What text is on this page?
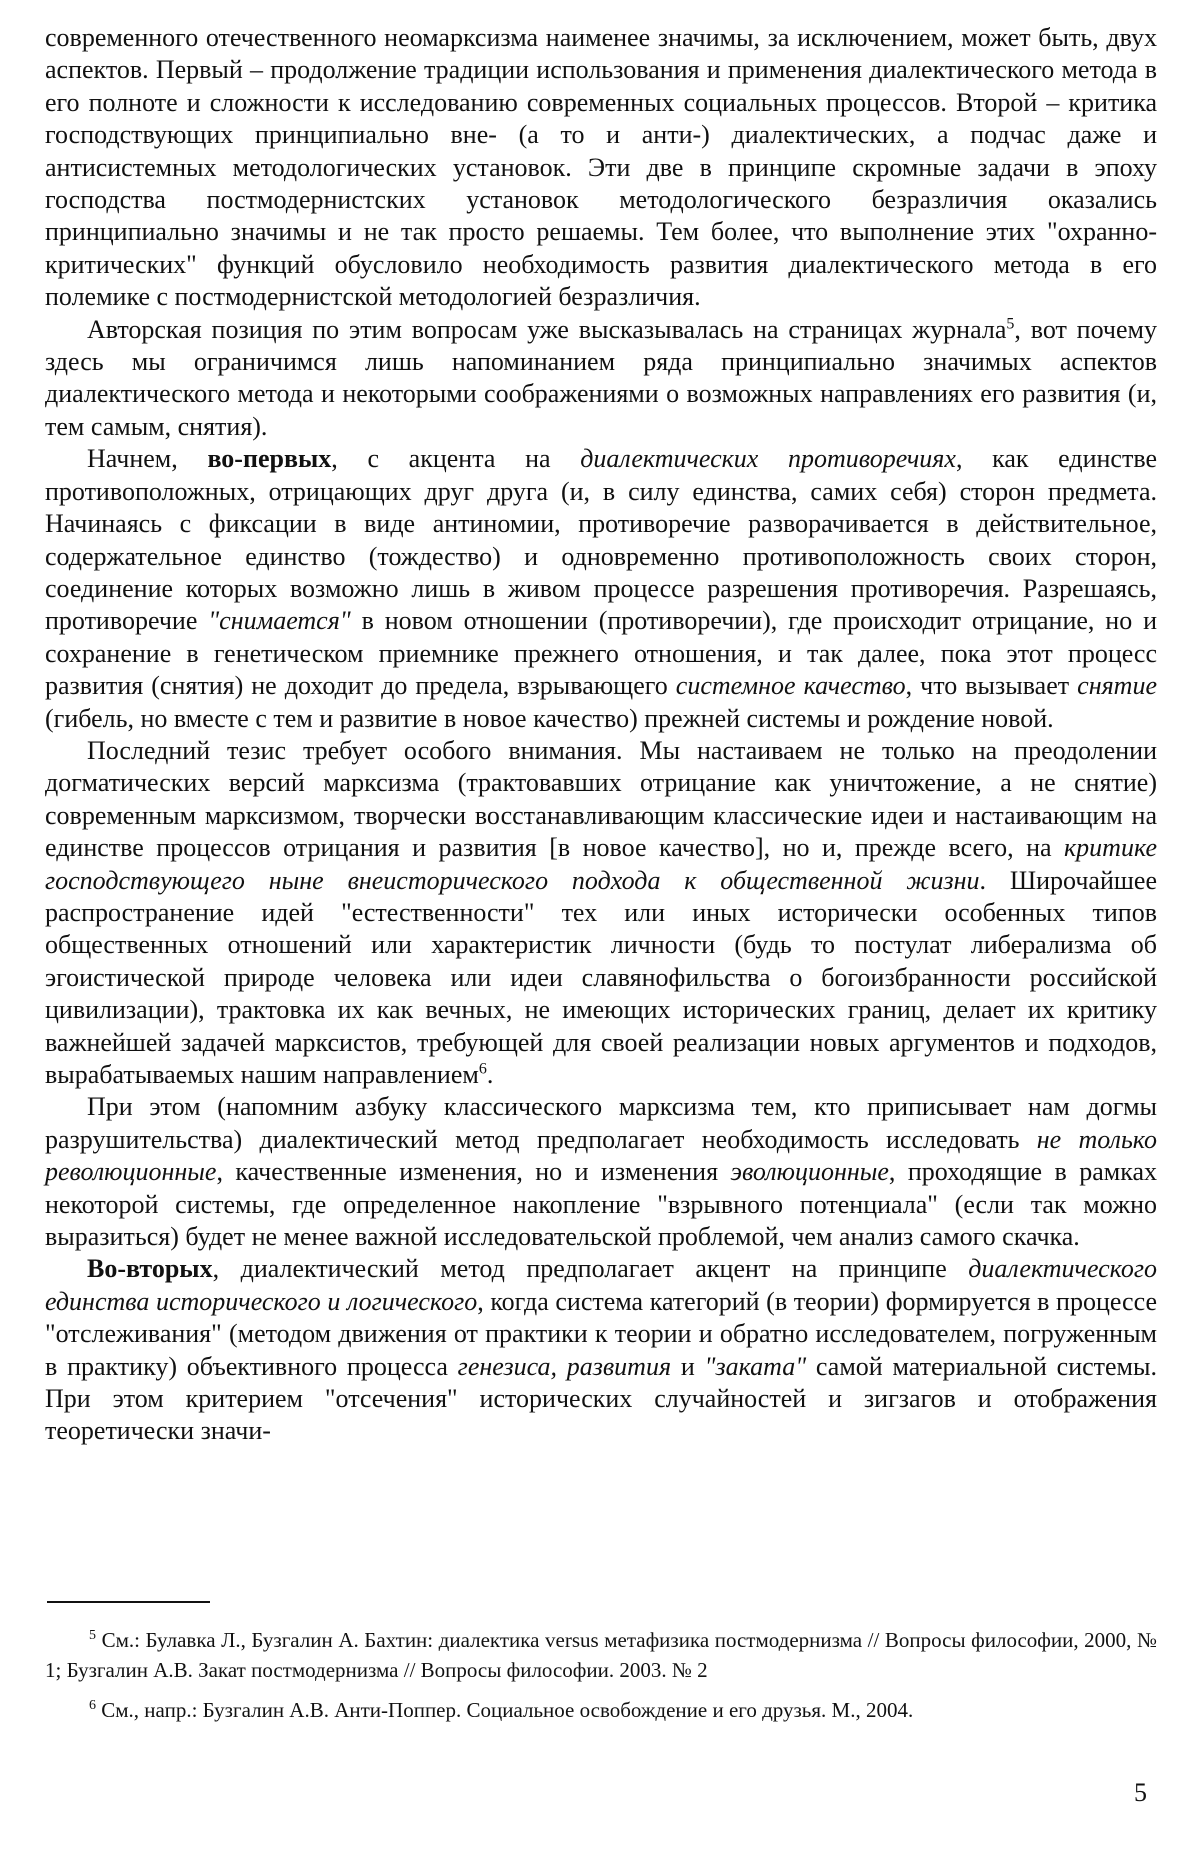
современного отечественного неомарксизма наименее значимы, за исключением, может быть, двух аспектов. Первый – продолжение традиции использования и применения диалектического метода в его полноте и сложности к исследованию современных социальных процессов. Второй – критика господствующих принципиально вне- (а то и анти-) диалектических, а подчас даже и антисистемных методологических установок. Эти две в принципе скромные задачи в эпоху господства постмодернистских установок методологического безразличия оказались принципиально значимы и не так просто решаемы. Тем более, что выполнение этих "охранно-критических" функций обусловило необходимость развития диалектического метода в его полемике с постмодернистской методологией безразличия.

Авторская позиция по этим вопросам уже высказывалась на страницах журнала$^5$, вот почему здесь мы ограничимся лишь напоминанием ряда принципиально значимых аспектов диалектического метода и некоторыми соображениями о возможных направлениях его развития (и, тем самым, снятия).

Начнем, во-первых, с акцента на диалектических противоречиях, как единстве противоположных, отрицающих друг друга (и, в силу единства, самих себя) сторон предмета. Начинаясь с фиксации в виде антиномии, противоречие разворачивается в действительное, содержательное единство (тождество) и одновременно противоположность своих сторон, соединение которых возможно лишь в живом процессе разрешения противоречия. Разрешаясь, противоречие "снимается" в новом отношении (противоречии), где происходит отрицание, но и сохранение в генетическом приемнике прежнего отношения, и так далее, пока этот процесс развития (снятия) не доходит до предела, взрывающего системное качество, что вызывает снятие (гибель, но вместе с тем и развитие в новое качество) прежней системы и рождение новой.

Последний тезис требует особого внимания. Мы настаиваем не только на преодолении догматических версий марксизма (трактовавших отрицание как уничтожение, а не снятие) современным марксизмом, творчески восстанавливающим классические идеи и настаивающим на единстве процессов отрицания и развития [в новое качество], но и, прежде всего, на критике господствующего ныне внеисторического подхода к общественной жизни. Широчайшее распространение идей "естественности" тех или иных исторически особенных типов общественных отношений или характеристик личности (будь то постулат либерализма об эгоистической природе человека или идеи славянофильства о богоизбранности российской цивилизации), трактовка их как вечных, не имеющих исторических границ, делает их критику важнейшей задачей марксистов, требующей для своей реализации новых аргументов и подходов, вырабатываемых нашим направлением$^6$.

При этом (напомним азбуку классического марксизма тем, кто приписывает нам догмы разрушительства) диалектический метод предполагает необходимость исследовать не только революционные, качественные изменения, но и изменения эволюционные, проходящие в рамках некоторой системы, где определенное накопление "взрывного потенциала" (если так можно выразиться) будет не менее важной исследовательской проблемой, чем анализ самого скачка.

Во-вторых, диалектический метод предполагает акцент на принципе диалектического единства исторического и логического, когда система категорий (в теории) формируется в процессе "отслеживания" (методом движения от практики к теории и обратно исследователем, погруженным в практику) объективного процесса генезиса, развития и "заката" самой материальной системы. При этом критерием "отсечения" исторических случайностей и зигзагов и отображения теоретически значи-

$^5$ См.: Булавка Л., Бузгалин А. Бахтин: диалектика versus метафизика постмодернизма // Вопросы философии, 2000, № 1; Бузгалин А.В. Закат постмодернизма // Вопросы философии. 2003. № 2

$^6$ См., напр.: Бузгалин А.В. Анти-Поппер. Социальное освобождение и его друзья. М., 2004.

5
